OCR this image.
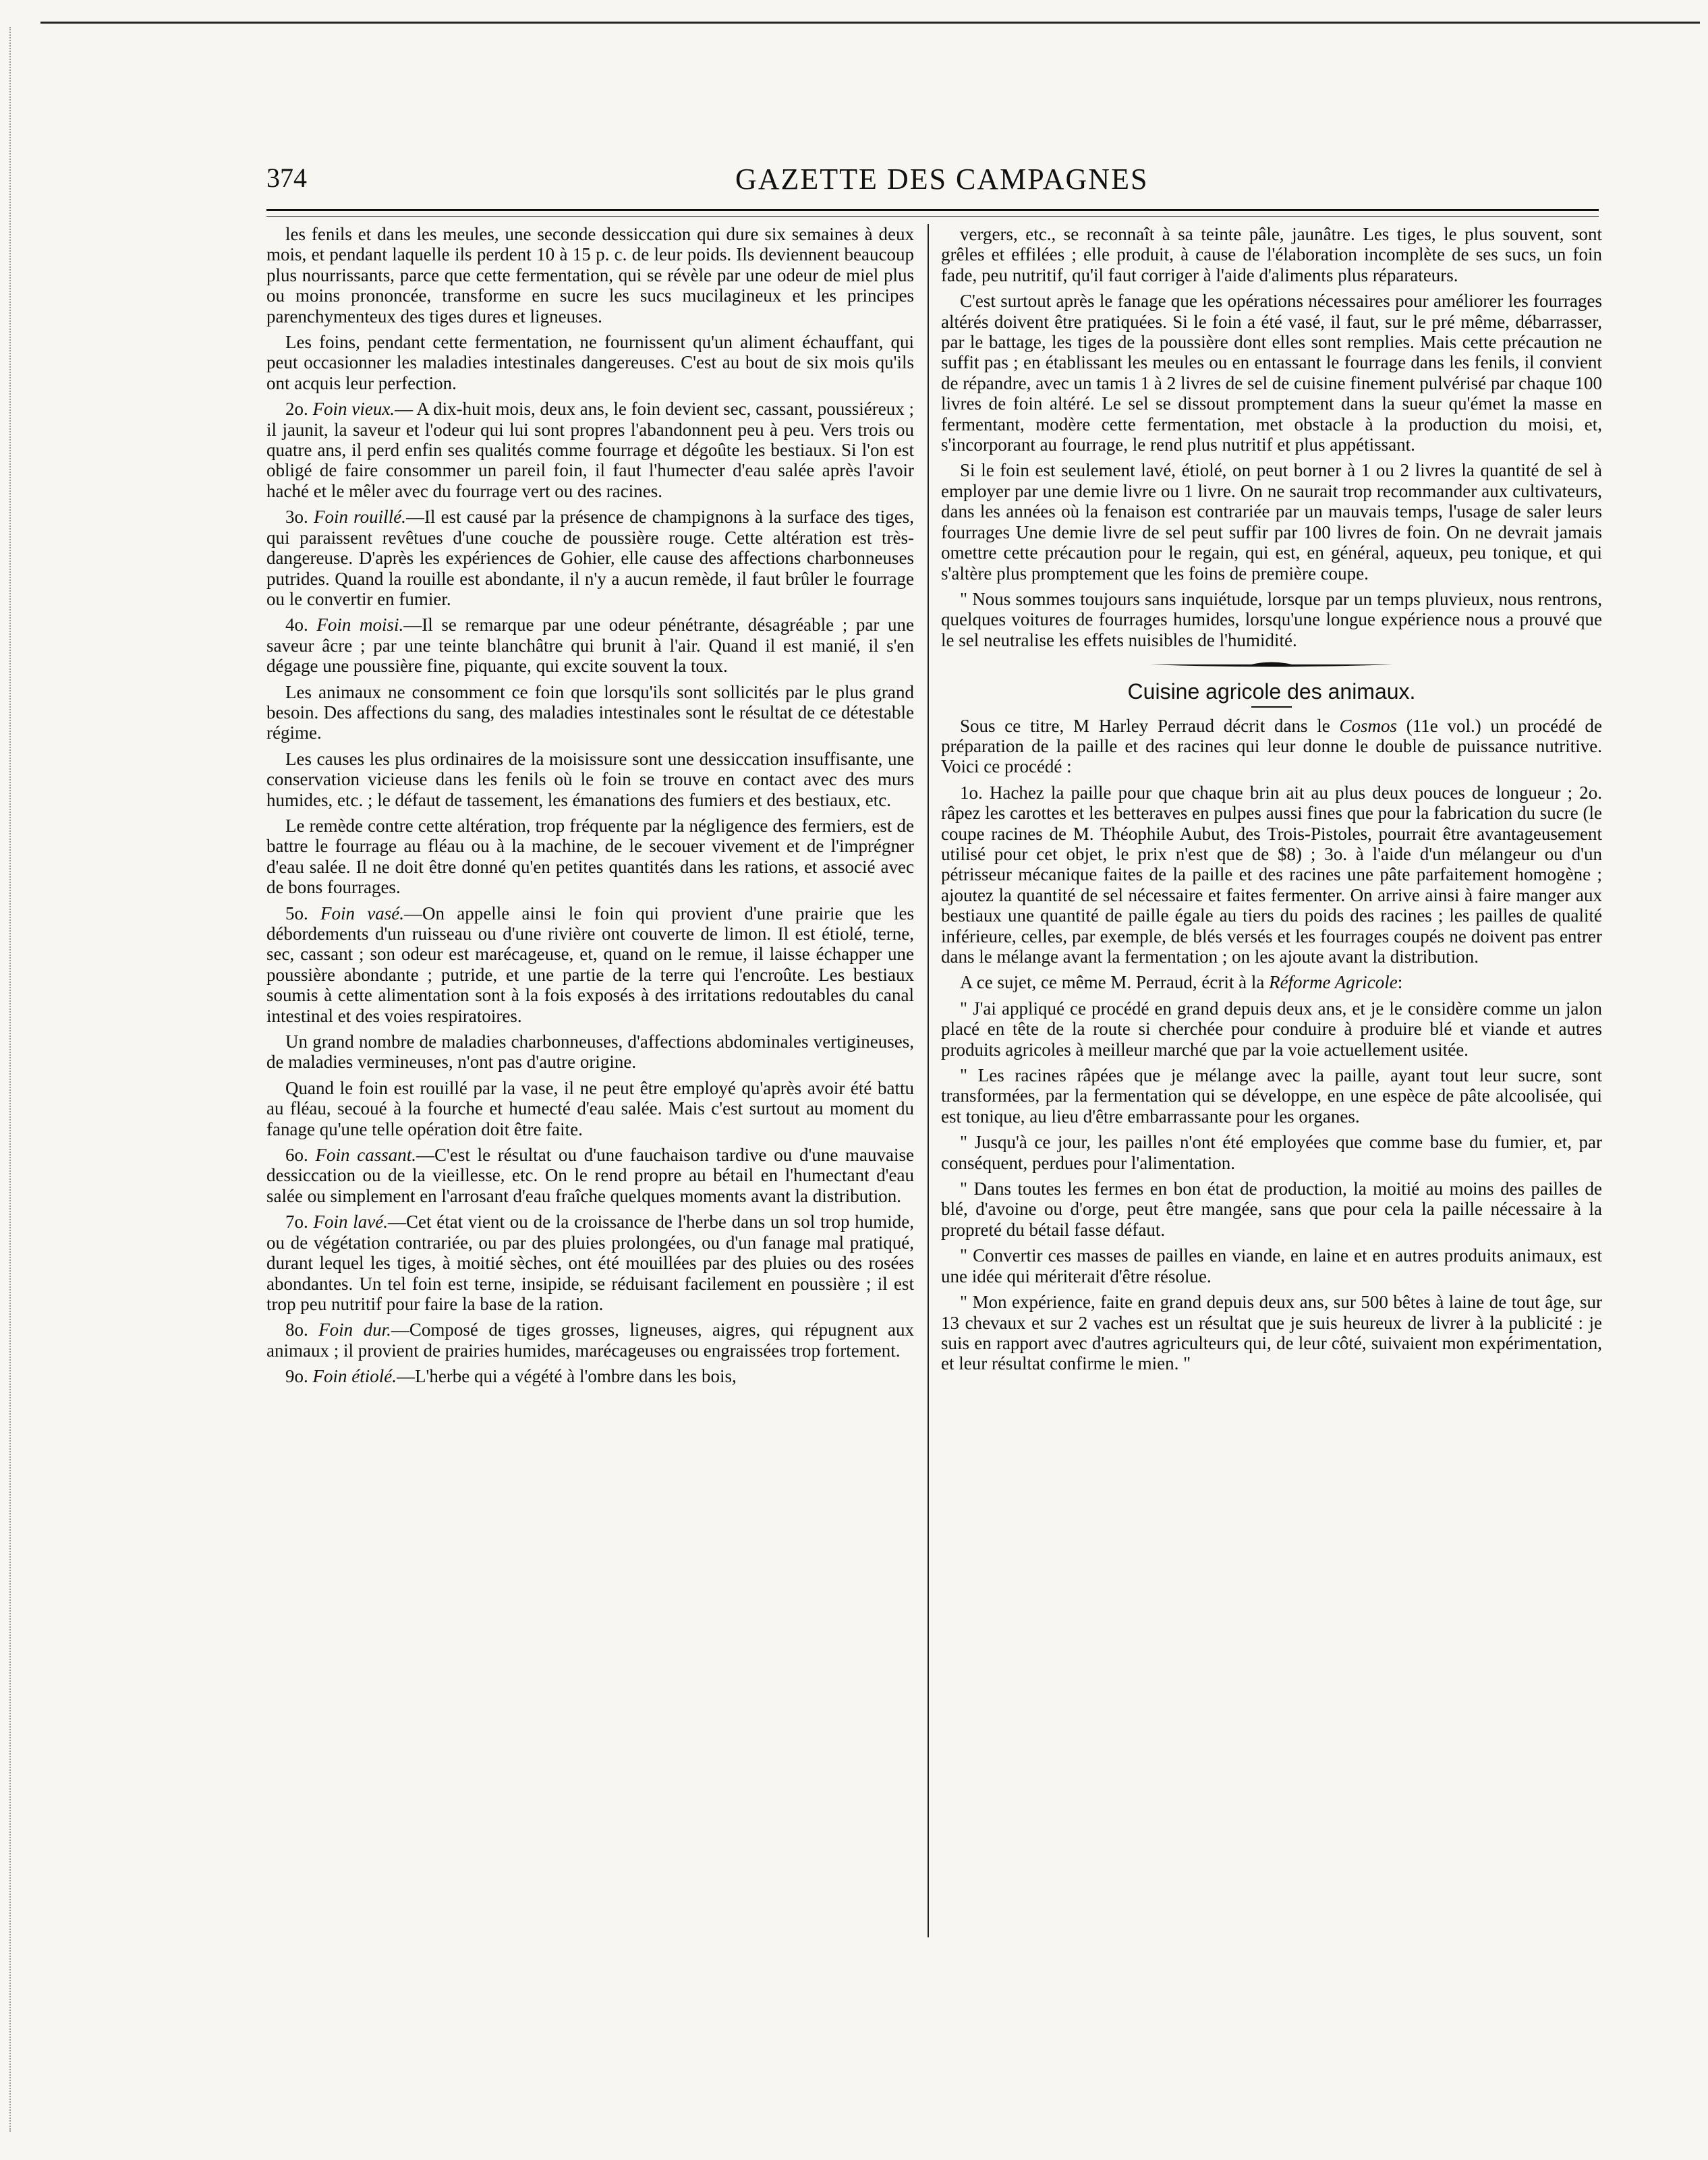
374	GAZETTE DES CAMPAGNES

les fenils et dans les meules, une seconde dessiccation qui dure six semaines à deux mois, et pendant laquelle ils perdent 10 à 15 p. c. de leur poids. Ils deviennent beaucoup plus nourrissants, parce que cette fermentation, qui se révèle par une odeur de miel plus ou moins prononcée, transforme en sucre les sucs mucilagineux et les principes parenchymenteux des tiges dures et ligneuses.

Les foins, pendant cette fermentation, ne fournissent qu'un aliment échauffant, qui peut occasionner les maladies intestinales dangereuses. C'est au bout de six mois qu'ils ont acquis leur perfection.

2o. Foin vieux.— A dix-huit mois, deux ans, le foin devient sec, cassant, poussiéreux ; il jaunit, la saveur et l'odeur qui lui sont propres l'abandonnent peu à peu. Vers trois ou quatre ans, il perd enfin ses qualités comme fourrage et dégoûte les bestiaux. Si l'on est obligé de faire consommer un pareil foin, il faut l'humecter d'eau salée après l'avoir haché et le mêler avec du fourrage vert ou des racines.

3o. Foin rouillé.—Il est causé par la présence de champignons à la surface des tiges, qui paraissent revêtues d'une couche de poussière rouge. Cette altération est très-dangereuse. D'après les expériences de Gohier, elle cause des affections charbonneuses putrides. Quand la rouille est abondante, il n'y a aucun remède, il faut brûler le fourrage ou le convertir en fumier.

4o. Foin moisi.—Il se remarque par une odeur pénétrante, désagréable ; par une saveur âcre ; par une teinte blanchâtre qui brunit à l'air. Quand il est manié, il s'en dégage une poussière fine, piquante, qui excite souvent la toux.

Les animaux ne consomment ce foin que lorsqu'ils sont sollicités par le plus grand besoin. Des affections du sang, des maladies intestinales sont le résultat de ce détestable régime.

Les causes les plus ordinaires de la moisissure sont une dessiccation insuffisante, une conservation vicieuse dans les fenils où le foin se trouve en contact avec des murs humides, etc. ; le défaut de tassement, les émanations des fumiers et des bestiaux, etc.

Le remède contre cette altération, trop fréquente par la négligence des fermiers, est de battre le fourrage au fléau ou à la machine, de le secouer vivement et de l'imprégner d'eau salée. Il ne doit être donné qu'en petites quantités dans les rations, et associé avec de bons fourrages.

5o. Foin vasé.—On appelle ainsi le foin qui provient d'une prairie que les débordements d'un ruisseau ou d'une rivière ont couverte de limon. Il est étiolé, terne, sec, cassant ; son odeur est marécageuse, et, quand on le remue, il laisse échapper une poussière abondante ; putride, et une partie de la terre qui l'encroûte. Les bestiaux soumis à cette alimentation sont à la fois exposés à des irritations redoutables du canal intestinal et des voies respiratoires.

Un grand nombre de maladies charbonneuses, d'affections abdominales vertigineuses, de maladies vermineuses, n'ont pas d'autre origine.

Quand le foin est rouillé par la vase, il ne peut être employé qu'après avoir été battu au fléau, secoué à la fourche et humecté d'eau salée. Mais c'est surtout au moment du fanage qu'une telle opération doit être faite.

6o. Foin cassant.—C'est le résultat ou d'une fauchaison tardive ou d'une mauvaise dessiccation ou de la vieillesse, etc. On le rend propre au bétail en l'humectant d'eau salée ou simplement en l'arrosant d'eau fraîche quelques moments avant la distribution.

7o. Foin lavé.—Cet état vient ou de la croissance de l'herbe dans un sol trop humide, ou de végétation contrariée, ou par des pluies prolongées, ou d'un fanage mal pratiqué, durant lequel les tiges, à moitié sèches, ont été mouillées par des pluies ou des rosées abondantes. Un tel foin est terne, insipide, se réduisant facilement en poussière ; il est trop peu nutritif pour faire la base de la ration.

8o. Foin dur.—Composé de tiges grosses, ligneuses, aigres, qui répugnent aux animaux ; il provient de prairies humides, marécageuses ou engraissées trop fortement.

9o. Foin étiolé.—L'herbe qui a végété à l'ombre dans les bois,

vergers, etc., se reconnaît à sa teinte pâle, jaunâtre. Les tiges, le plus souvent, sont grêles et effilées ; elle produit, à cause de l'élaboration incomplète de ses sucs, un foin fade, peu nutritif, qu'il faut corriger à l'aide d'aliments plus réparateurs.

C'est surtout après le fanage que les opérations nécessaires pour améliorer les fourrages altérés doivent être pratiquées. Si le foin a été vasé, il faut, sur le pré même, débarrasser, par le battage, les tiges de la poussière dont elles sont remplies. Mais cette précaution ne suffit pas ; en établissant les meules ou en entassant le fourrage dans les fenils, il convient de répandre, avec un tamis 1 à 2 livres de sel de cuisine finement pulvérisé par chaque 100 livres de foin altéré. Le sel se dissout promptement dans la sueur qu'émet la masse en fermentant, modère cette fermentation, met obstacle à la production du moisi, et, s'incorporant au fourrage, le rend plus nutritif et plus appétissant.

Si le foin est seulement lavé, étiolé, on peut borner à 1 ou 2 livres la quantité de sel à employer par une demie livre ou 1 livre. On ne saurait trop recommander aux cultivateurs, dans les années où la fenaison est contrariée par un mauvais temps, l'usage de saler leurs fourrages Une demie livre de sel peut suffir par 100 livres de foin. On ne devrait jamais omettre cette précaution pour le regain, qui est, en général, aqueux, peu tonique, et qui s'altère plus promptement que les foins de première coupe.

" Nous sommes toujours sans inquiétude, lorsque par un temps pluvieux, nous rentrons, quelques voitures de fourrages humides, lorsqu'une longue expérience nous a prouvé que le sel neutralise les effets nuisibles de l'humidité.

Cuisine agricole des animaux.

Sous ce titre, M Harley Perraud décrit dans le Cosmos (11e vol.) un procédé de préparation de la paille et des racines qui leur donne le double de puissance nutritive. Voici ce procédé :

1o. Hachez la paille pour que chaque brin ait au plus deux pouces de longueur ; 2o. râpez les carottes et les betteraves en pulpes aussi fines que pour la fabrication du sucre (le coupe racines de M. Théophile Aubut, des Trois-Pistoles, pourrait être avantageusement utilisé pour cet objet, le prix n'est que de $8) ; 3o. à l'aide d'un mélangeur ou d'un pétrisseur mécanique faites de la paille et des racines une pâte parfaitement homogène ; ajoutez la quantité de sel nécessaire et faites fermenter. On arrive ainsi à faire manger aux bestiaux une quantité de paille égale au tiers du poids des racines ; les pailles de qualité inférieure, celles, par exemple, de blés versés et les fourrages coupés ne doivent pas entrer dans le mélange avant la fermentation ; on les ajoute avant la distribution.

A ce sujet, ce même M. Perraud, écrit à la Réforme Agricole:

" J'ai appliqué ce procédé en grand depuis deux ans, et je le considère comme un jalon placé en tête de la route si cherchée pour conduire à produire blé et viande et autres produits agricoles à meilleur marché que par la voie actuellement usitée.

" Les racines râpées que je mélange avec la paille, ayant tout leur sucre, sont transformées, par la fermentation qui se développe, en une espèce de pâte alcoolisée, qui est tonique, au lieu d'être embarrassante pour les organes.

" Jusqu'à ce jour, les pailles n'ont été employées que comme base du fumier, et, par conséquent, perdues pour l'alimentation.

" Dans toutes les fermes en bon état de production, la moitié au moins des pailles de blé, d'avoine ou d'orge, peut être mangée, sans que pour cela la paille nécessaire à la propreté du bétail fasse défaut.

" Convertir ces masses de pailles en viande, en laine et en autres produits animaux, est une idée qui mériterait d'être résolue.

" Mon expérience, faite en grand depuis deux ans, sur 500 bêtes à laine de tout âge, sur 13 chevaux et sur 2 vaches est un résultat que je suis heureux de livrer à la publicité : je suis en rapport avec d'autres agriculteurs qui, de leur côté, suivaient mon expérimentation, et leur résultat confirme le mien. "
